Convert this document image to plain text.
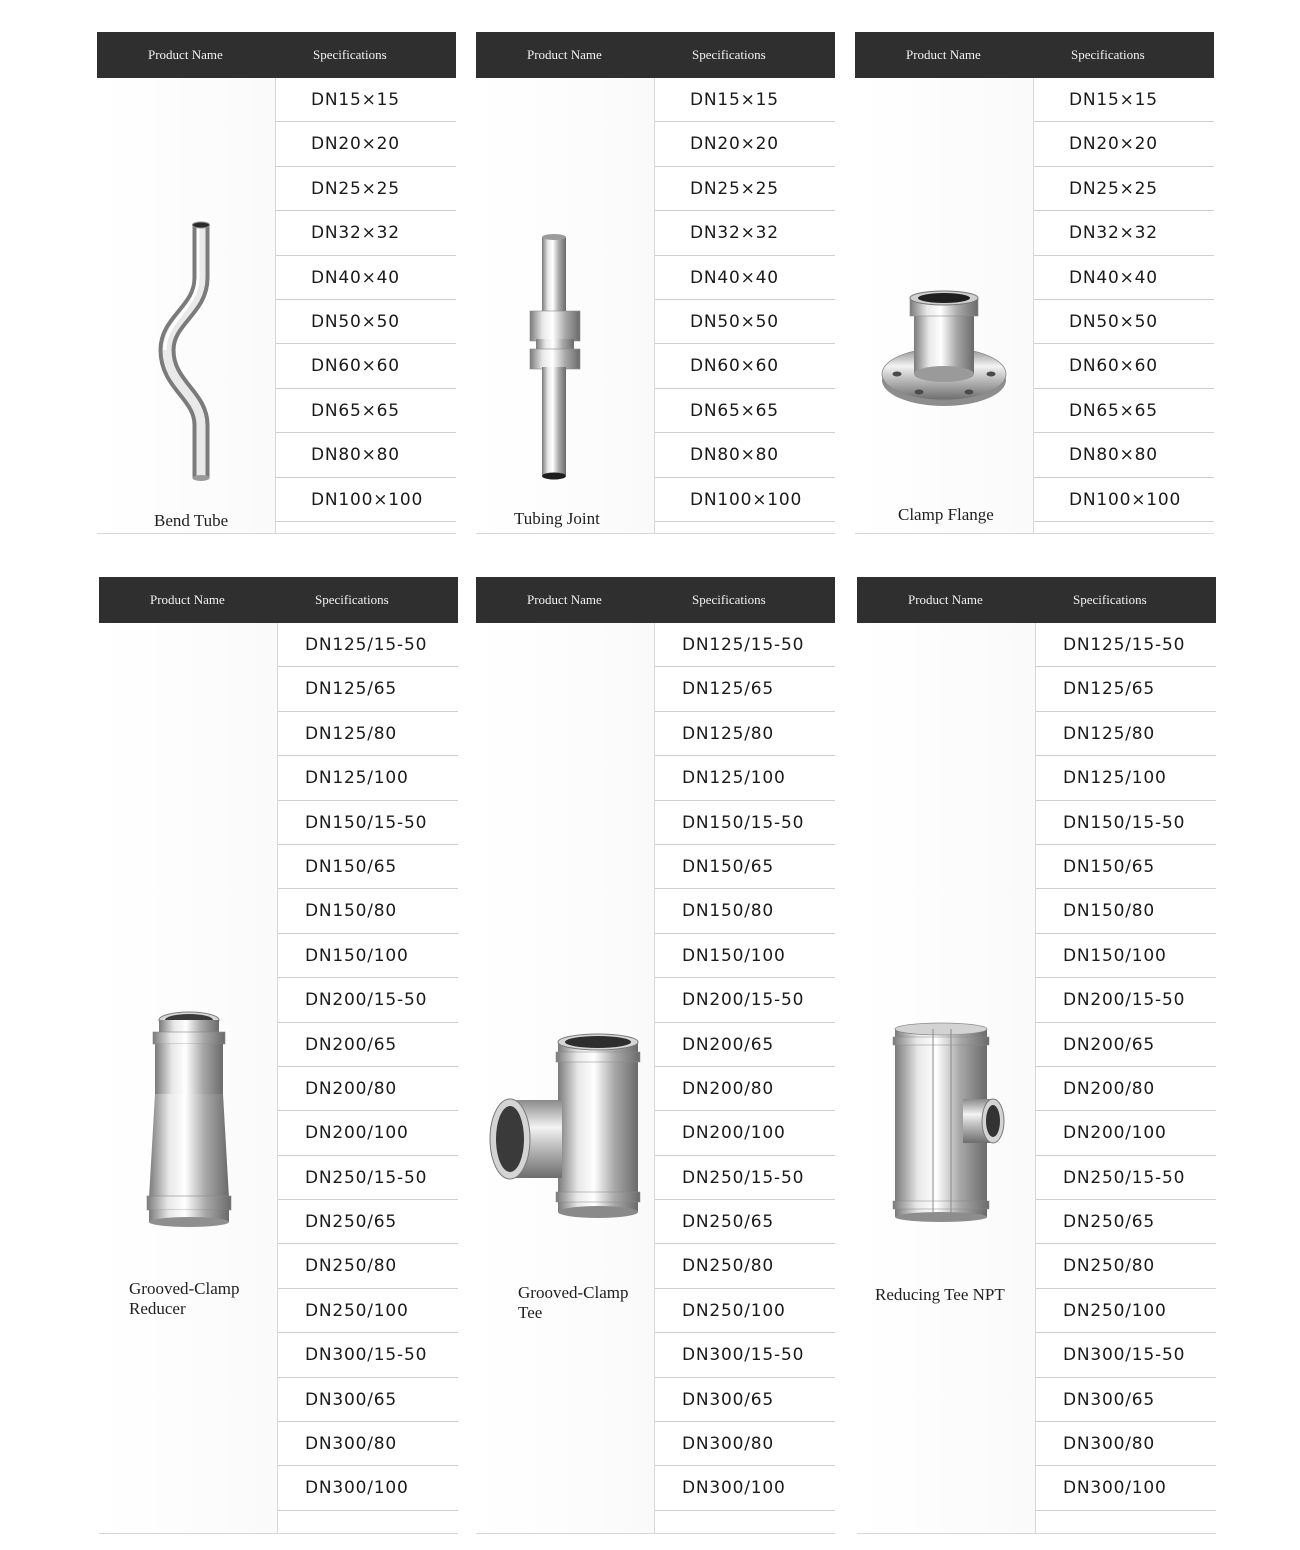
Product Name	Specifications
Bend Tube
DN15×15
DN20×20
DN25×25
DN32×32
DN40×40
DN50×50
DN60×60
DN65×65
DN80×80
DN100×100
Product Name	Specifications
Tubing Joint
DN15×15
DN20×20
DN25×25
DN32×32
DN40×40
DN50×50
DN60×60
DN65×65
DN80×80
DN100×100
Product Name	Specifications
Clamp Flange
DN15×15
DN20×20
DN25×25
DN32×32
DN40×40
DN50×50
DN60×60
DN65×65
DN80×80
DN100×100
Product Name	Specifications
Grooved-Clamp
Reducer
DN125/15-50
DN125/65
DN125/80
DN125/100
DN150/15-50
DN150/65
DN150/80
DN150/100
DN200/15-50
DN200/65
DN200/80
DN200/100
DN250/15-50
DN250/65
DN250/80
DN250/100
DN300/15-50
DN300/65
DN300/80
DN300/100
Product Name	Specifications
Grooved-Clamp
Tee
DN125/15-50
DN125/65
DN125/80
DN125/100
DN150/15-50
DN150/65
DN150/80
DN150/100
DN200/15-50
DN200/65
DN200/80
DN200/100
DN250/15-50
DN250/65
DN250/80
DN250/100
DN300/15-50
DN300/65
DN300/80
DN300/100
Product Name	Specifications
Reducing Tee NPT
DN125/15-50
DN125/65
DN125/80
DN125/100
DN150/15-50
DN150/65
DN150/80
DN150/100
DN200/15-50
DN200/65
DN200/80
DN200/100
DN250/15-50
DN250/65
DN250/80
DN250/100
DN300/15-50
DN300/65
DN300/80
DN300/100
